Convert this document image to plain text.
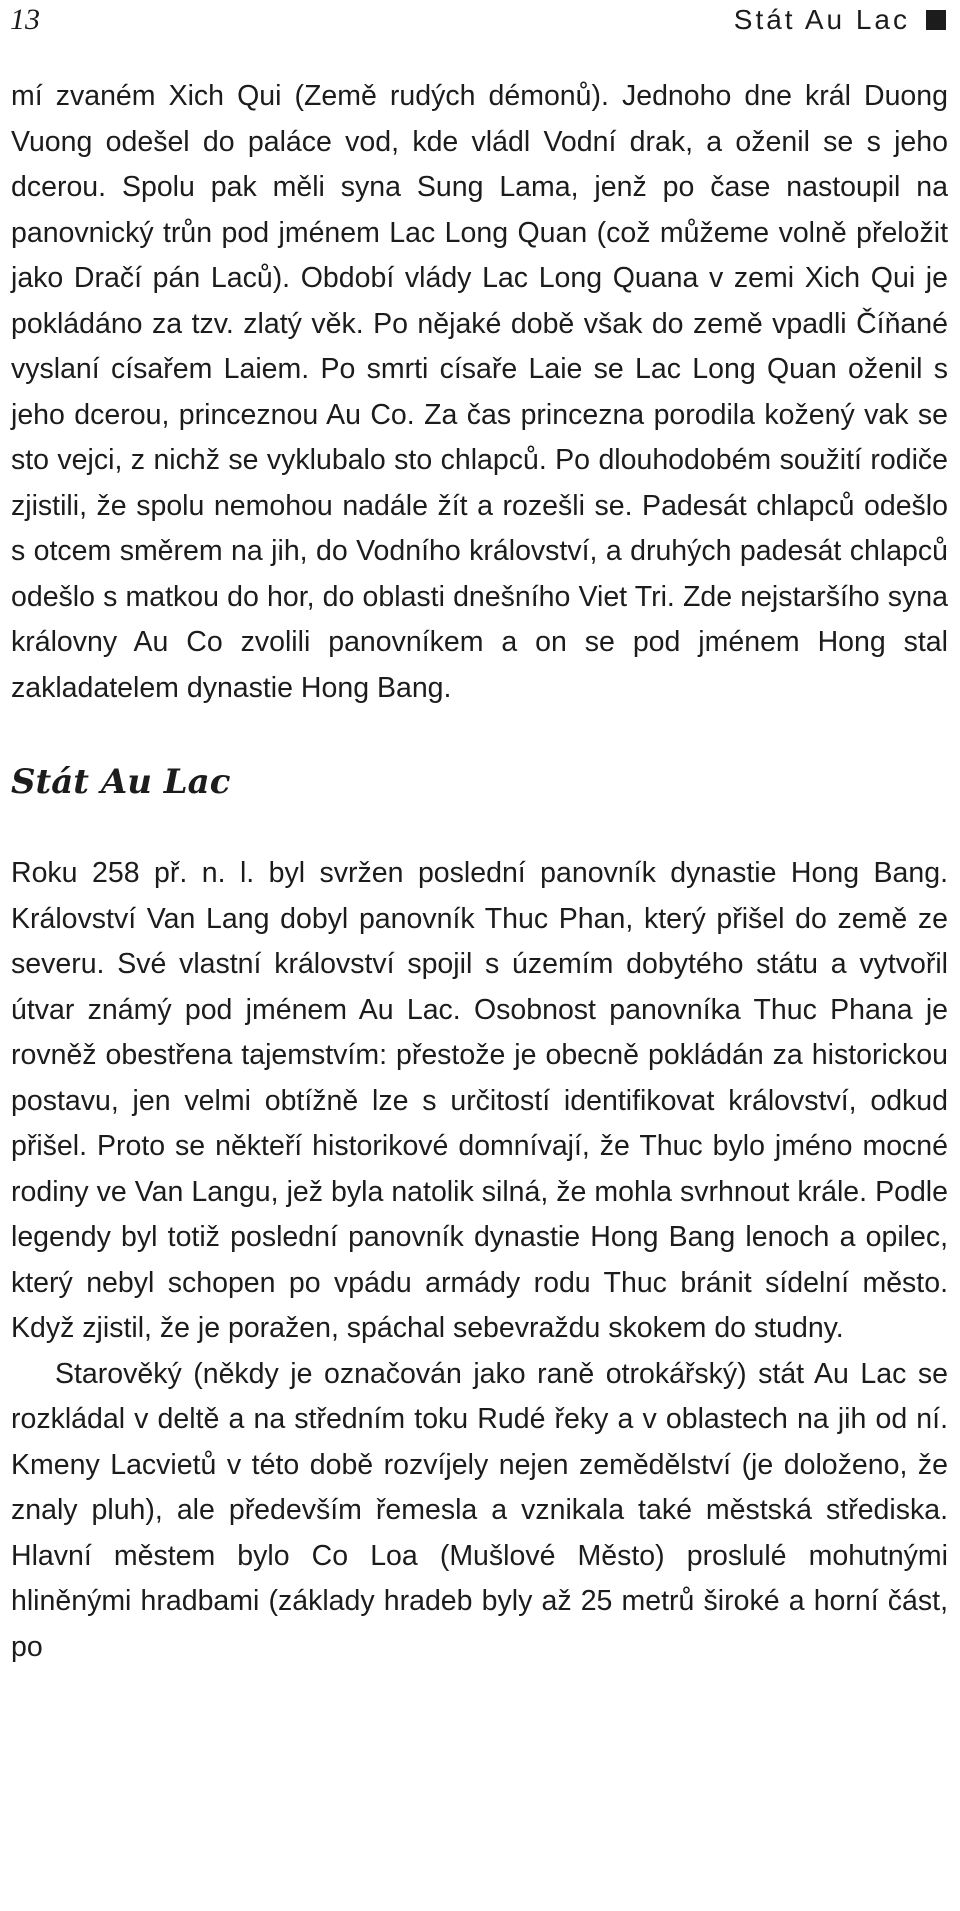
13	Stát Au Lac

mí zvaném Xich Qui (Země rudých démonů). Jednoho dne král Duong Vuong odešel do paláce vod, kde vládl Vodní drak, a oženil se s jeho dcerou. Spolu pak měli syna Sung Lama, jenž po čase nastoupil na panovnický trůn pod jménem Lac Long Quan (což můžeme volně přeložit jako Dračí pán Laců). Období vlády Lac Long Quana v zemi Xich Qui je pokládáno za tzv. zlatý věk. Po nějaké době však do země vpadli Číňané vyslaní císařem Laiem. Po smrti císaře Laie se Lac Long Quan oženil s jeho dcerou, princeznou Au Co. Za čas princezna porodila kožený vak se sto vejci, z nichž se vyklubalo sto chlapců. Po dlouhodobém soužití rodiče zjistili, že spolu nemohou nadále žít a rozešli se. Padesát chlapců odešlo s otcem směrem na jih, do Vodního království, a druhých padesát chlapců odešlo s matkou do hor, do oblasti dnešního Viet Tri. Zde nejstaršího syna královny Au Co zvolili panovníkem a on se pod jménem Hong stal zakladatelem dynastie Hong Bang.

Stát Au Lac

Roku 258 př. n. l. byl svržen poslední panovník dynastie Hong Bang. Království Van Lang dobyl panovník Thuc Phan, který přišel do země ze severu. Své vlastní království spojil s územím dobytého státu a vytvořil útvar známý pod jménem Au Lac. Osobnost panovníka Thuc Phana je rovněž obestřena tajemstvím: přestože je obecně pokládán za historickou postavu, jen velmi obtížně lze s určitostí identifikovat království, odkud přišel. Proto se někteří historikové domnívají, že Thuc bylo jméno mocné rodiny ve Van Langu, jež byla natolik silná, že mohla svrhnout krále. Podle legendy byl totiž poslední panovník dynastie Hong Bang lenoch a opilec, který nebyl schopen po vpádu armády rodu Thuc bránit sídelní město. Když zjistil, že je poražen, spáchal sebevraždu skokem do studny.

Starověký (někdy je označován jako raně otrokářský) stát Au Lac se rozkládal v deltě a na středním toku Rudé řeky a v oblastech na jih od ní. Kmeny Lacvietů v této době rozvíjely nejen zemědělství (je doloženo, že znaly pluh), ale především řemesla a vznikala také městská střediska. Hlavní městem bylo Co Loa (Mušlové Město) proslulé mohutnými hliněnými hradbami (základy hradeb byly až 25 metrů široké a horní část, po
